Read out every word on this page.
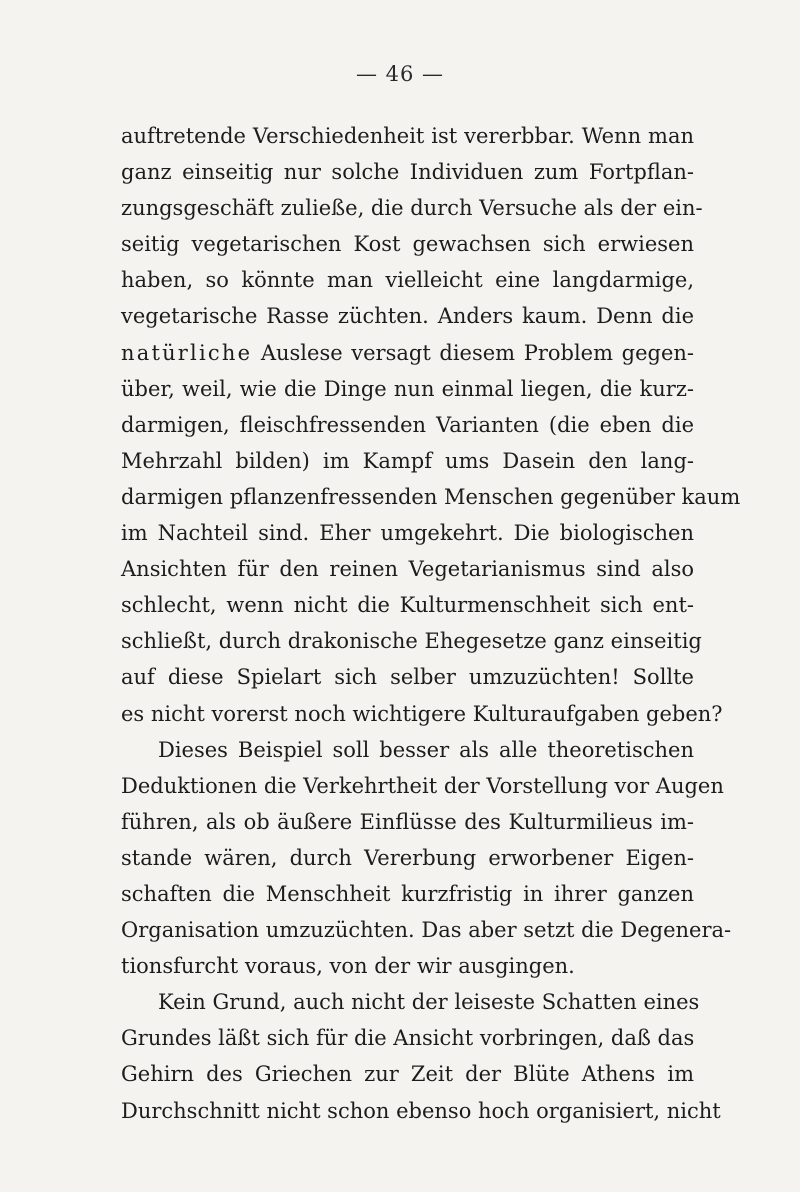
— 46 —
auftretende Verschiedenheit ist vererbbar. Wenn man
ganz einseitig nur solche Individuen zum Fortpflan-
zungsgeschäft zuließe, die durch Versuche als der ein-
seitig vegetarischen Kost gewachsen sich erwiesen
haben, so könnte man vielleicht eine langdarmige,
vegetarische Rasse züchten. Anders kaum. Denn die
natürliche Auslese versagt diesem Problem gegen-
über, weil, wie die Dinge nun einmal liegen, die kurz-
darmigen, fleischfressenden Varianten (die eben die
Mehrzahl bilden) im Kampf ums Dasein den lang-
darmigen pflanzenfressenden Menschen gegenüber kaum
im Nachteil sind. Eher umgekehrt. Die biologischen
Ansichten für den reinen Vegetarianismus sind also
schlecht, wenn nicht die Kulturmenschheit sich ent-
schließt, durch drakonische Ehegesetze ganz einseitig
auf diese Spielart sich selber umzuzüchten! Sollte
es nicht vorerst noch wichtigere Kulturaufgaben geben?
Dieses Beispiel soll besser als alle theoretischen
Deduktionen die Verkehrtheit der Vorstellung vor Augen
führen, als ob äußere Einflüsse des Kulturmilieus im-
stande wären, durch Vererbung erworbener Eigen-
schaften die Menschheit kurzfristig in ihrer ganzen
Organisation umzuzüchten. Das aber setzt die Degenera-
tionsfurcht voraus, von der wir ausgingen.
Kein Grund, auch nicht der leiseste Schatten eines
Grundes läßt sich für die Ansicht vorbringen, daß das
Gehirn des Griechen zur Zeit der Blüte Athens im
Durchschnitt nicht schon ebenso hoch organisiert, nicht
